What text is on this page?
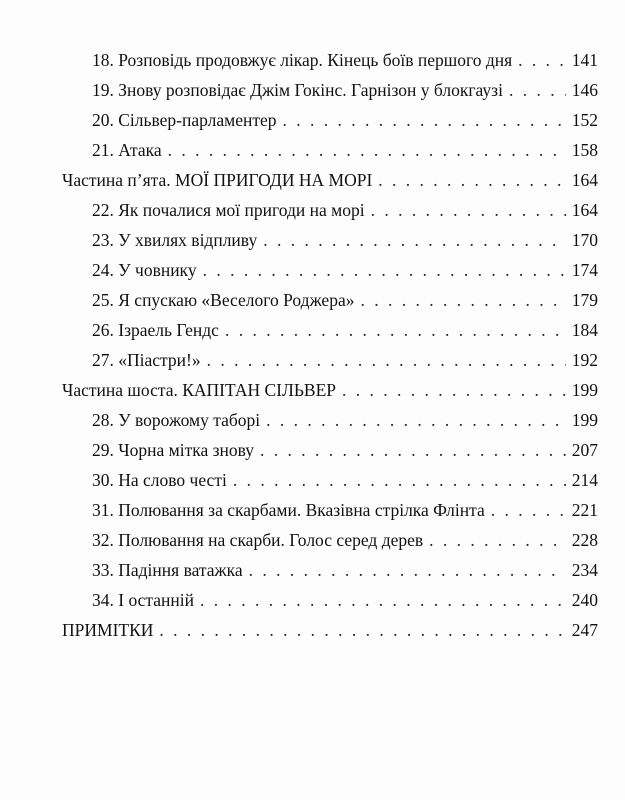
18. Розповідь продовжує лікар. Кінець боїв першого дня . . .	141
19. Знову розповідає Джім Гокінс. Гарнізон у блокгаузі . . .	146
20. Сільвер-парламентер . . .	152
21. Атака . . .	158
Частина п’ята. МОЇ ПРИГОДИ НА МОРІ . . .	164
22. Як почалися мої пригоди на морі . . .	164
23. У хвилях відпливу . . .	170
24. У човнику . . .	174
25. Я спускаю «Веселого Роджера» . . .	179
26. Ізраель Гендс . . .	184
27. «Піастри!» . . .	192
Частина шоста. КАПІТАН СІЛЬВЕР . . .	199
28. У ворожому таборі . . .	199
29. Чорна мітка знову . . .	207
30. На слово честі . . .	214
31. Полювання за скарбами. Вказівна стрілка Флінта . . .	221
32. Полювання на скарби. Голос серед дерев . . .	228
33. Падіння ватажка . . .	234
34. І останній . . .	240
ПРИМІТКИ . . .	247
